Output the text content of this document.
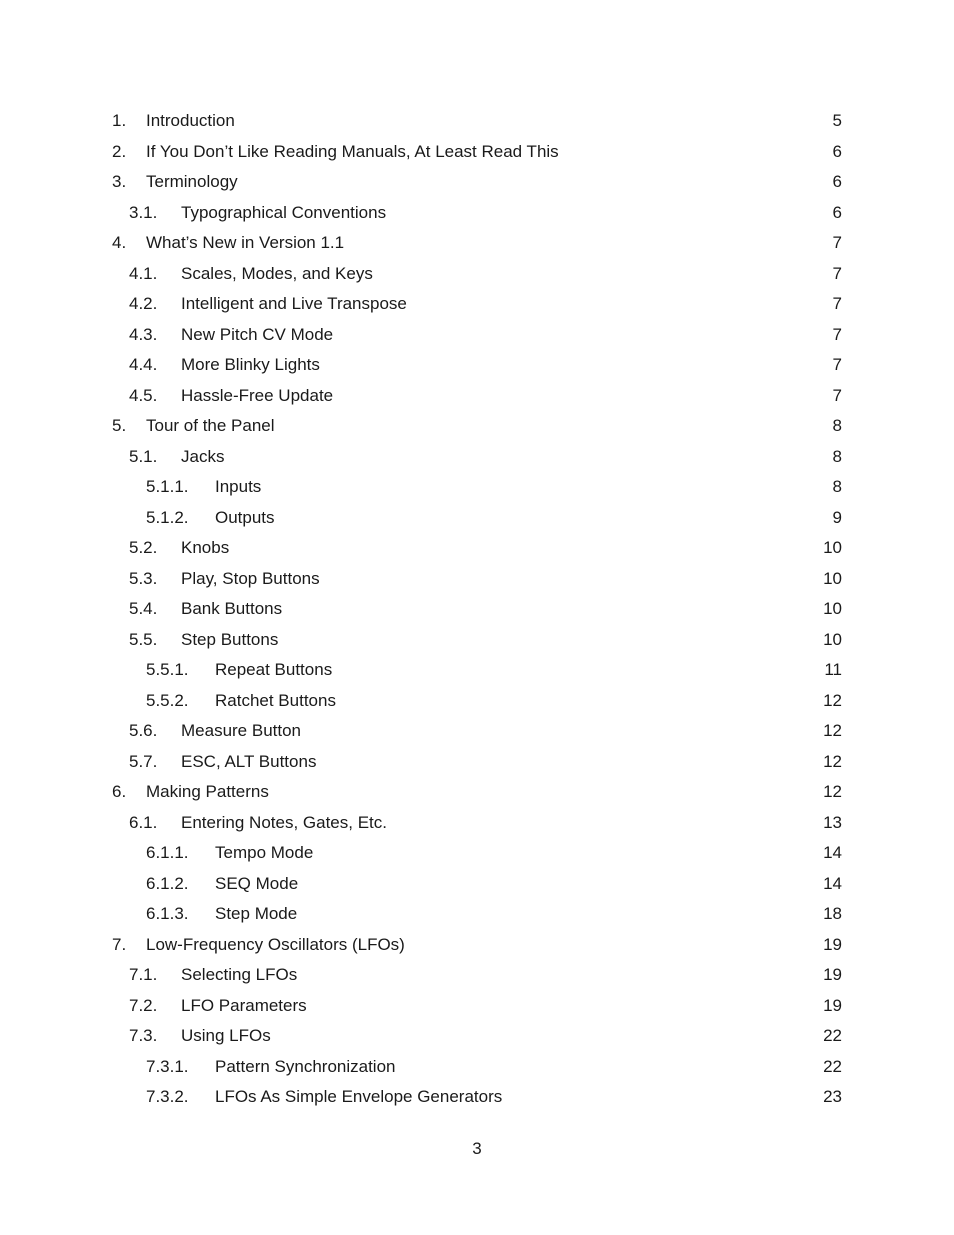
1. Introduction	5
2. If You Don’t Like Reading Manuals, At Least Read This	6
3. Terminology	6
3.1. Typographical Conventions	6
4. What’s New in Version 1.1	7
4.1. Scales, Modes, and Keys	7
4.2. Intelligent and Live Transpose	7
4.3. New Pitch CV Mode	7
4.4. More Blinky Lights	7
4.5. Hassle-Free Update	7
5. Tour of the Panel	8
5.1. Jacks	8
5.1.1. Inputs	8
5.1.2. Outputs	9
5.2. Knobs	10
5.3. Play, Stop Buttons	10
5.4. Bank Buttons	10
5.5. Step Buttons	10
5.5.1. Repeat Buttons	11
5.5.2. Ratchet Buttons	12
5.6. Measure Button	12
5.7. ESC, ALT Buttons	12
6. Making Patterns	12
6.1. Entering Notes, Gates, Etc.	13
6.1.1. Tempo Mode	14
6.1.2. SEQ Mode	14
6.1.3. Step Mode	18
7. Low-Frequency Oscillators (LFOs)	19
7.1. Selecting LFOs	19
7.2. LFO Parameters	19
7.3. Using LFOs	22
7.3.1. Pattern Synchronization	22
7.3.2. LFOs As Simple Envelope Generators	23
3
